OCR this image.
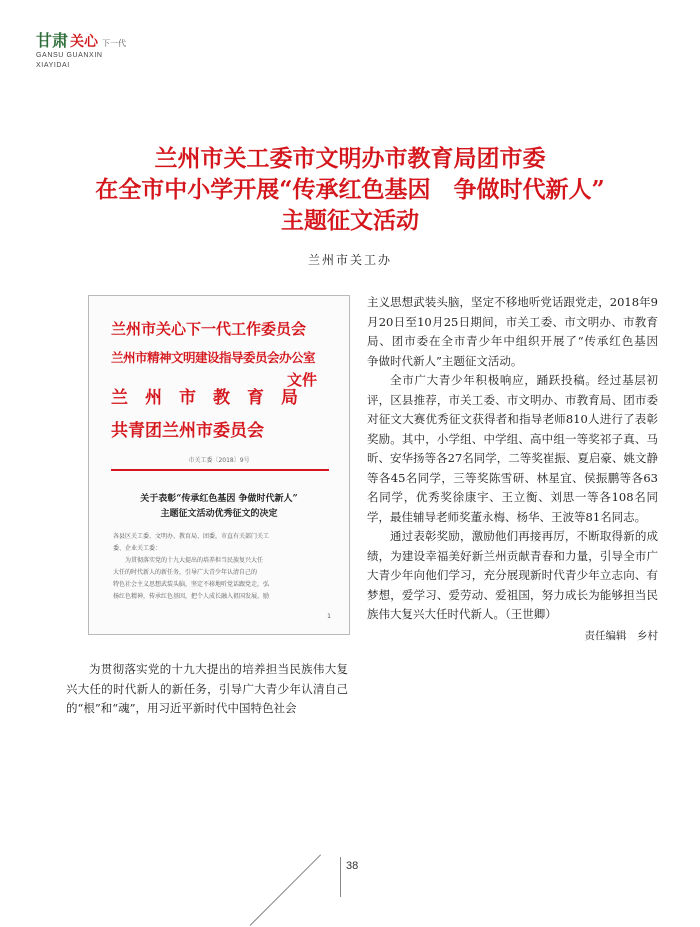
甘肃 关心 下一代
GANSU GUANXIN
XIAYIDAI
兰州市关工委市文明办市教育局团市委
在全市中小学开展“传承红色基因　争做时代新人”
主题征文活动
兰州市关工办
兰州市关心下一代工作委员会
兰州市精神文明建设指导委员会办公室
兰　州　市　教　育　局
共青团兰州市委员会
文件
市关工委〔2018〕9号
关于表彰“传承红色基因 争做时代新人”
主题征文活动优秀征文的决定

各县区关工委、文明办、教育局、团委，市直有关部门关工

委、企业关工委：

为贯彻落实党的十九大提出的培养担当民族复兴大任

大任的时代新人的新任务，引导广大青少年认清自己的

特色社会主义思想武装头脑，坚定不移地听党话跟党走，弘

扬红色精神，传承红色基因，把个人成长融入祖国发展，励

1

主义思想武装头脑，坚定不移地听党话跟党走，2018年9月20日至10月25日期间，市关工委、市文明办、市教育局、团市委在全市青少年中组织开展了“传承红色基因　争做时代新人”主题征文活动。

全市广大青少年积极响应，踊跃投稿。经过基层初评，区县推荐，市关工委、市文明办、市教育局、团市委对征文大赛优秀征文获得者和指导老师810人进行了表彰奖励。其中，小学组、中学组、高中组一等奖祁子真、马昕、安华扬等各27名同学，二等奖崔振、夏启豪、姚文静等各45名同学，三等奖陈雪研、林星宜、侯振鹏等各63名同学，优秀奖徐康宇、王立衡、刘思一等各108名同学，最佳辅导老师奖董永梅、杨华、王波等81名同志。

通过表彰奖励，激励他们再接再厉，不断取得新的成绩，为建设幸福美好新兰州贡献青春和力量，引导全市广大青少年向他们学习，充分展现新时代青少年立志向、有梦想，爱学习、爱劳动、爱祖国，努力成长为能够担当民族伟大复兴大任时代新人。（王世卿）

责任编辑　乡村

为贯彻落实党的十九大提出的培养担当民族伟大复兴大任的时代新人的新任务，引导广大青少年认清自己的“根”和“魂”，用习近平新时代中国特色社会

38
